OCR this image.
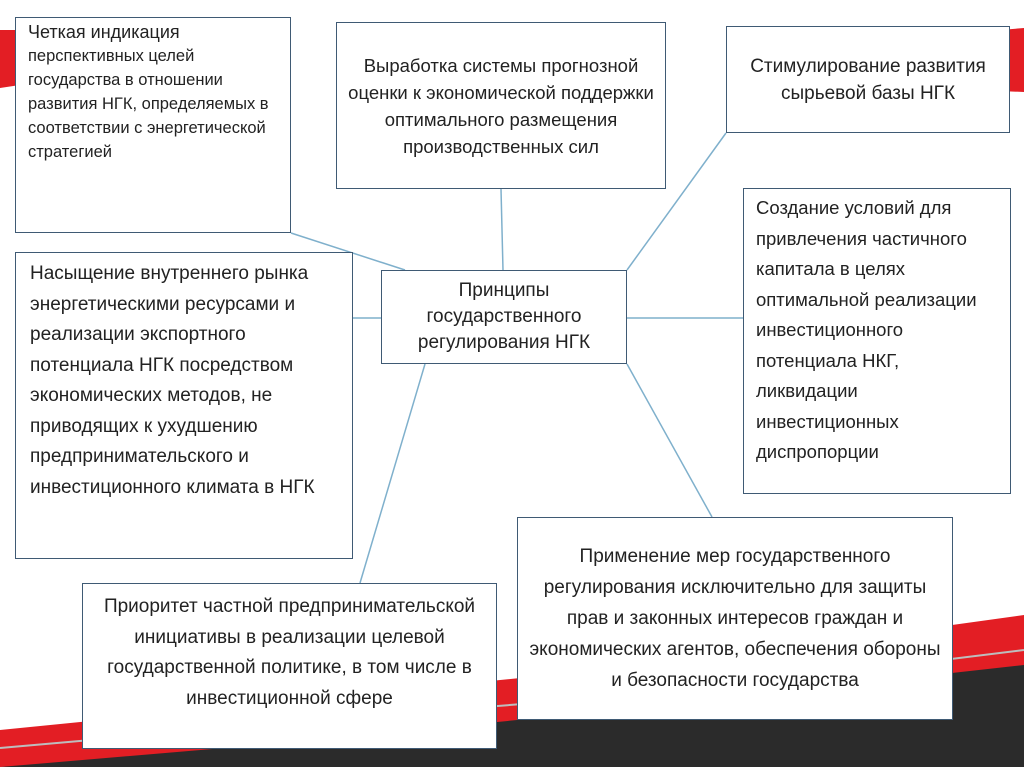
Принципы государственного регулирования НГК
Четкая индикация
перспективных целей государства в отношении развития НГК, определяемых в соответствии с энергетической стратегией
Выработка системы прогнозной оценки к экономической поддержки оптимального размещения производственных сил
Стимулирование развития сырьевой базы НГК
Создание условий для привлечения частичного капитала в целях оптимальной реализации инвестиционного потенциала НКГ, ликвидации инвестиционных диспропорции
Насыщение внутреннего рынка энергетическими ресурсами и реализации экспортного потенциала НГК посредством экономических методов, не приводящих к ухудшению предпринимательского и инвестиционного климата в НГК
Приоритет частной предпринимательской инициативы в реализации целевой государственной политике, в том числе в инвестиционной сфере
Применение мер государственного регулирования исключительно для защиты прав и законных интересов граждан и экономических агентов, обеспечения обороны и безопасности государства
